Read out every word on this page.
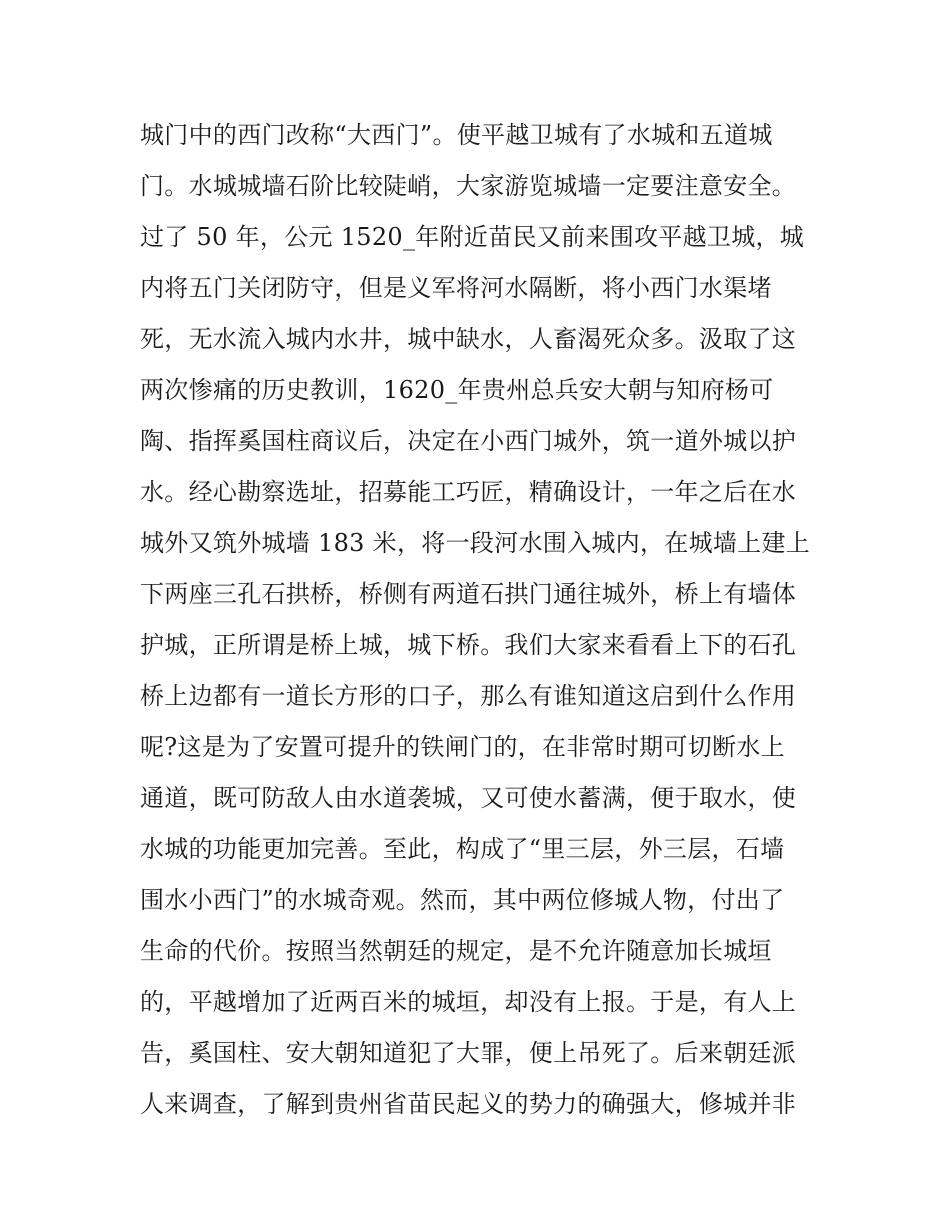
城门中的西门改称“大西门”。使平越卫城有了水城和五道城
门。水城城墙石阶比较陡峭，大家游览城墙一定要注意安全。
过了 50 年，公元 1520_年附近苗民又前来围攻平越卫城，城
内将五门关闭防守，但是义军将河水隔断，将小西门水渠堵
死，无水流入城内水井，城中缺水，人畜渴死众多。汲取了这
两次惨痛的历史教训，1620_年贵州总兵安大朝与知府杨可
陶、指挥奚国柱商议后，决定在小西门城外，筑一道外城以护
水。经心勘察选址，招募能工巧匠，精确设计，一年之后在水
城外又筑外城墙 183 米，将一段河水围入城内，在城墙上建上
下两座三孔石拱桥，桥侧有两道石拱门通往城外，桥上有墙体
护城，正所谓是桥上城，城下桥。我们大家来看看上下的石孔
桥上边都有一道长方形的口子，那么有谁知道这启到什么作用
呢?这是为了安置可提升的铁闸门的，在非常时期可切断水上
通道，既可防敌人由水道袭城，又可使水蓄满，便于取水，使
水城的功能更加完善。至此，构成了“里三层，外三层，石墙
围水小西门”的水城奇观。然而，其中两位修城人物，付出了
生命的代价。按照当然朝廷的规定，是不允许随意加长城垣
的，平越增加了近两百米的城垣，却没有上报。于是，有人上
告，奚国柱、安大朝知道犯了大罪，便上吊死了。后来朝廷派
人来调查，了解到贵州省苗民起义的势力的确强大，修城并非
